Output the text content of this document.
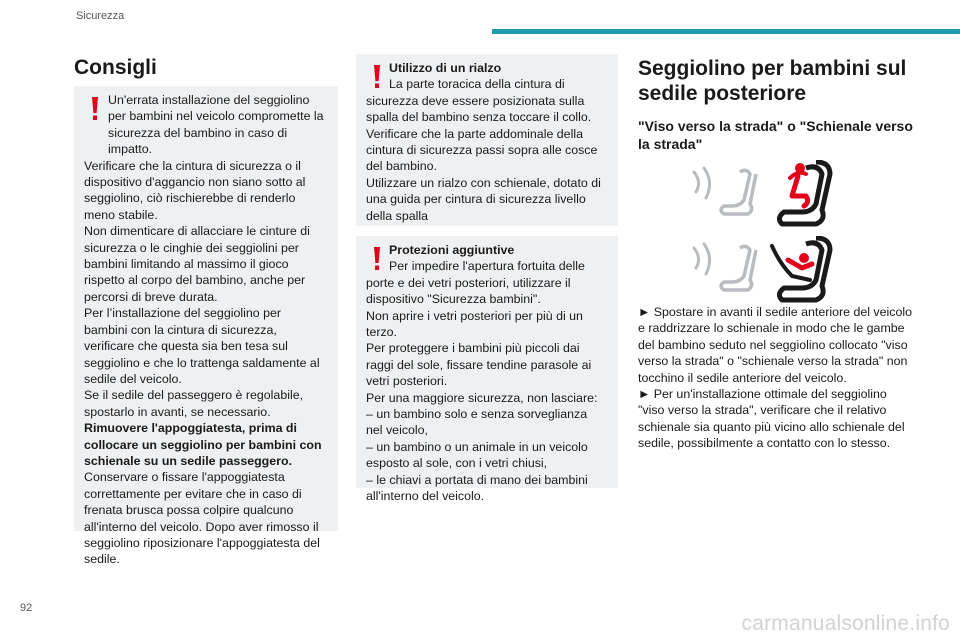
Sicurezza
Consigli

Un'errata installazione del seggiolino per bambini nel veicolo compromette la sicurezza del bambino in caso di impatto.

Verificare che la cintura di sicurezza o il dispositivo d'aggancio non siano sotto al seggiolino, ciò rischierebbe di renderlo meno stabile.

Non dimenticare di allacciare le cinture di sicurezza o le cinghie dei seggiolini per bambini limitando al massimo il gioco rispetto al corpo del bambino, anche per percorsi di breve durata.

Per l’installazione del seggiolino per bambini con la cintura di sicurezza, verificare che questa sia ben tesa sul seggiolino e che lo trattenga saldamente al sedile del veicolo.

Se il sedile del passeggero è regolabile, spostarlo in avanti, se necessario.

Rimuovere l'appoggiatesta, prima di collocare un seggiolino per bambini con schienale su un sedile passeggero.

Conservare o fissare l'appoggiatesta correttamente per evitare che in caso di frenata brusca possa colpire qualcuno all'interno del veicolo. Dopo aver rimosso il seggiolino riposizionare l'appoggiatesta del sedile.

Utilizzo di un rialzo

La parte toracica della cintura di sicurezza deve essere posizionata sulla spalla del bambino senza toccare il collo.

Verificare che la parte addominale della cintura di sicurezza passi sopra alle cosce del bambino.

Utilizzare un rialzo con schienale, dotato di una guida per cintura di sicurezza livello della spalla

Protezioni aggiuntive

Per impedire l'apertura fortuita delle porte e dei vetri posteriori, utilizzare il dispositivo "Sicurezza bambini".

Non aprire i vetri posteriori per più di un terzo.

Per proteggere i bambini più piccoli dai raggi del sole, fissare tendine parasole ai vetri posteriori.

Per una maggiore sicurezza, non lasciare:

– un bambino solo e senza sorveglianza nel veicolo,

– un bambino o un animale in un veicolo esposto al sole, con i vetri chiusi,

– le chiavi a portata di mano dei bambini all'interno del veicolo.

Seggiolino per bambini sul sedile posteriore
"Viso verso la strada" o "Schienale verso la strada"

► Spostare in avanti il sedile anteriore del veicolo e raddrizzare lo schienale in modo che le gambe del bambino seduto nel seggiolino collocato "viso verso la strada" o "schienale verso la strada" non tocchino il sedile anteriore del veicolo.

► Per un'installazione ottimale del seggiolino "viso verso la strada", verificare che il relativo schienale sia quanto più vicino allo schienale del sedile, possibilmente a contatto con lo stesso.

92
carmanualsonline.info
